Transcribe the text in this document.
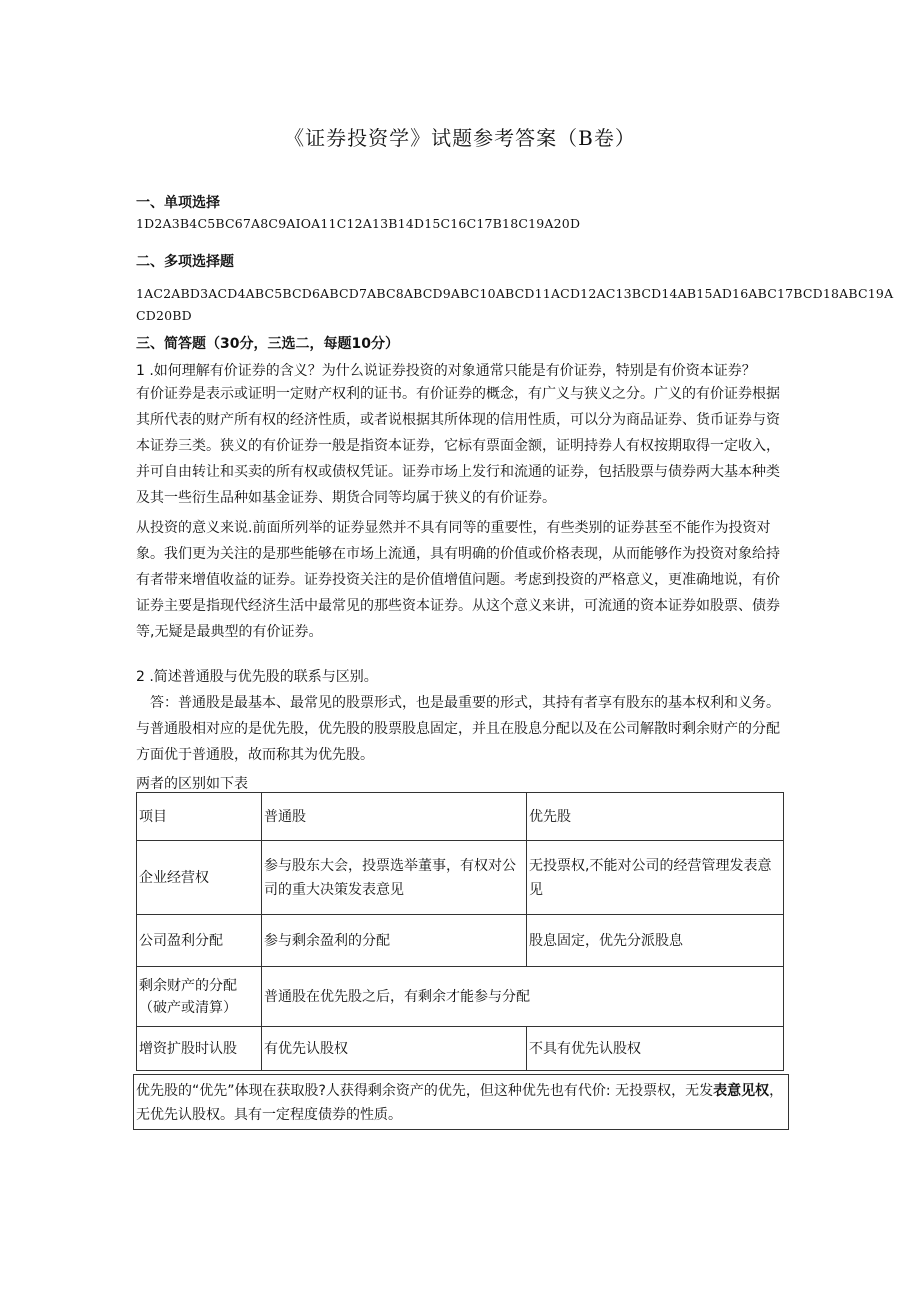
《证券投资学》试题参考答案（B卷）
一、单项选择
1D2A3B4C5BC67A8C9AIOA11C12A13B14D15C16C17B18C19A20D
二、多项选择题
1AC2ABD3ACD4ABC5BCD6ABCD7ABC8ABCD9ABC10ABCD11ACD12AC13BCD14AB15AD16ABC17BCD18ABC19A
CD20BD
三、简答题（30分，三选二，每题10分）
1 .如何理解有价证券的含义？为什么说证券投资的对象通常只能是有价证券，特别是有价资本证券？
有价证券是表示或证明一定财产权利的证书。有价证券的概念，有广义与狭义之分。广义的有价证券根据其所代表的财产所有权的经济性质，或者说根据其所体现的信用性质，可以分为商品证券、货币证券与资本证券三类。狭义的有价证券一般是指资本证券，它标有票面金额，证明持券人有权按期取得一定收入，并可自由转让和买卖的所有权或债权凭证。证券市场上发行和流通的证券，包括股票与债券两大基本种类及其一些衍生品种如基金证券、期货合同等均属于狭义的有价证券。
从投资的意义来说.前面所列举的证券显然并不具有同等的重要性，有些类别的证券甚至不能作为投资对象。我们更为关注的是那些能够在市场上流通，具有明确的价值或价格表现，从而能够作为投资对象给持有者带来增值收益的证券。证券投资关注的是价值增值问题。考虑到投资的严格意义，更准确地说，有价证券主要是指现代经济生活中最常见的那些资本证券。从这个意义来讲，可流通的资本证券如股票、债券等,无疑是最典型的有价证券。
2 .简述普通股与优先股的联系与区别。
答：普通股是最基本、最常见的股票形式，也是最重要的形式，其持有者享有股东的基本权利和义务。与普通股相对应的是优先股，优先股的股票股息固定，并且在股息分配以及在公司解散时剩余财产的分配方面优于普通股，故而称其为优先股。
两者的区别如下表
项目	普通股	优先股
企业经营权	参与股东大会，投票选举董事，有权对公司的重大决策发表意见	无投票权,不能对公司的经营管理发表意见
公司盈利分配	参与剩余盈利的分配	股息固定，优先分派股息

剩余财产的分配
（破产或清算）	普通股在优先股之后，有剩余才能参与分配	
增资扩股时认股	有优先认股权	不具有优先认股权
优先股的“优先”体现在获取股?人获得剩余资产的优先，但这种优先也有代价: 无投票权，无发表意见权，无优先认股权。具有一定程度债券的性质。
